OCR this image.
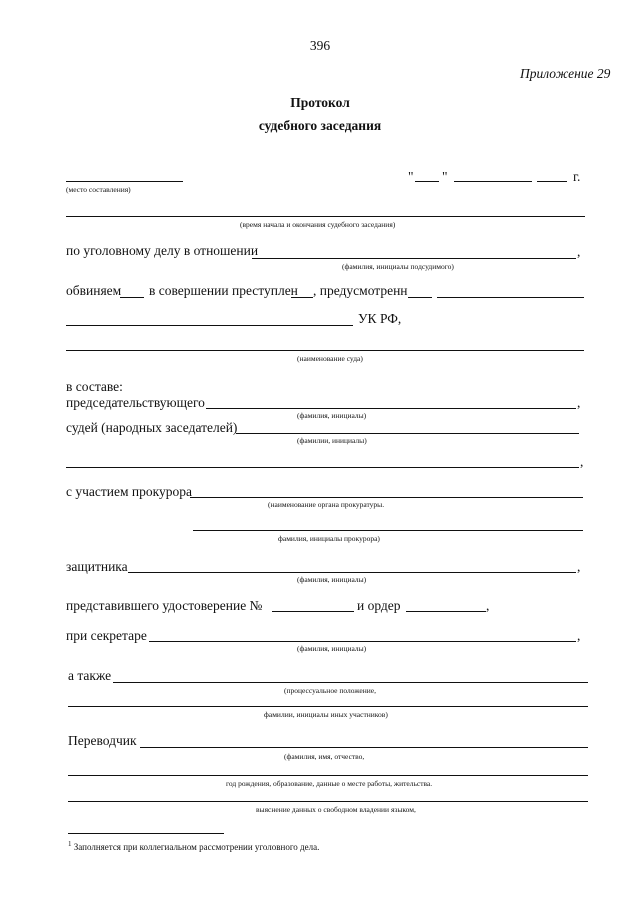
396
Приложение 29
Протокол
судебного заседания
(место составления)
" "	г.
(время начала и окончания судебного заседания)
по уголовному делу в отношении	,
(фамилия, инициалы подсудимого)
обвиняем в совершении преступлен , предусмотренн
УК РФ,
(наименование суда)
в составе:
председательствующего	,
(фамилия, инициалы)
судей (народных заседателей)
(фамилии, инициалы)
,
с участием прокурора
(наименование органа прокуратуры.
фамилия, инициалы прокурора)
защитника	,
(фамилия, инициалы)
представившего удостоверение №	и ордер	,
при секретаре	,
(фамилия, инициалы)
а также
(процессуальное положение,
фамилии, инициалы иных участников)
Переводчик
(фамилия, имя, отчество,
год рождения, образование, данные о месте работы, жительства.
выяснение данных о свободном владении языком,
$^1$ Заполняется при коллегиальном рассмотрении уголовного дела.
